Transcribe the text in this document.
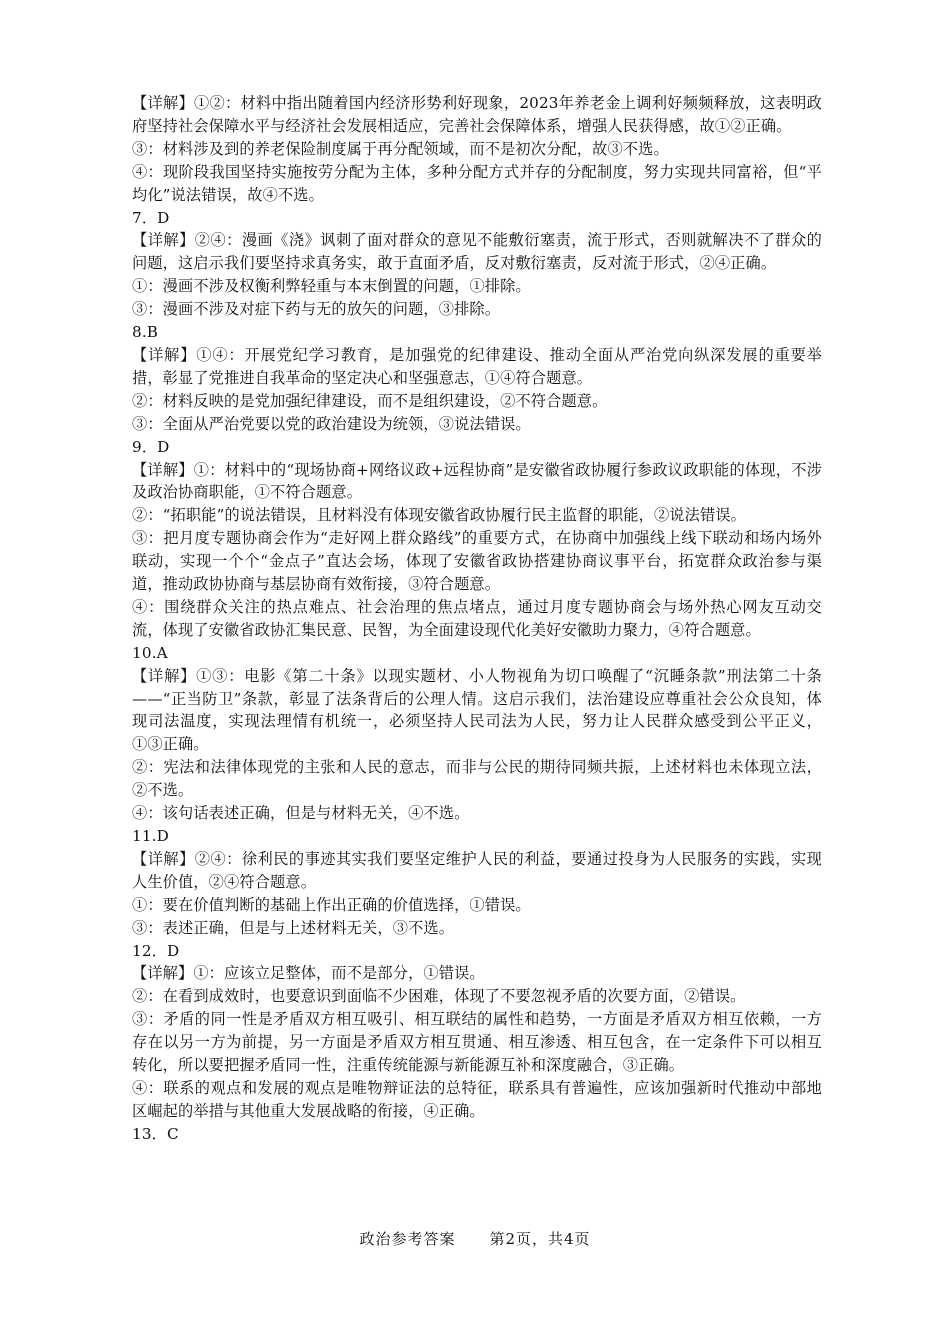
【详解】①②：材料中指出随着国内经济形势利好现象，2023年养老金上调利好频频释放，这表明政府坚持社会保障水平与经济社会发展相适应，完善社会保障体系，增强人民获得感，故①②正确。

③：材料涉及到的养老保险制度属于再分配领域，而不是初次分配，故③不选。

④：现阶段我国坚持实施按劳分配为主体，多种分配方式并存的分配制度，努力实现共同富裕，但“平均化”说法错误，故④不选。

7．D

【详解】②④：漫画《浇》讽刺了面对群众的意见不能敷衍塞责，流于形式，否则就解决不了群众的问题，这启示我们要坚持求真务实，敢于直面矛盾，反对敷衍塞责，反对流于形式，②④正确。

①：漫画不涉及权衡利弊轻重与本末倒置的问题，①排除。

③：漫画不涉及对症下药与无的放矢的问题，③排除。

8.B

【详解】①④：开展党纪学习教育，是加强党的纪律建设、推动全面从严治党向纵深发展的重要举措，彰显了党推进自我革命的坚定决心和坚强意志，①④符合题意。

②：材料反映的是党加强纪律建设，而不是组织建设，②不符合题意。

③：全面从严治党要以党的政治建设为统领，③说法错误。

9．D

【详解】①：材料中的“现场协商+网络议政+远程协商”是安徽省政协履行参政议政职能的体现，不涉及政治协商职能，①不符合题意。

②：“拓职能”的说法错误，且材料没有体现安徽省政协履行民主监督的职能，②说法错误。

③：把月度专题协商会作为“走好网上群众路线”的重要方式，在协商中加强线上线下联动和场内场外联动，实现一个个“金点子”直达会场，体现了安徽省政协搭建协商议事平台，拓宽群众政治参与渠道，推动政协协商与基层协商有效衔接，③符合题意。

④：围绕群众关注的热点难点、社会治理的焦点堵点，通过月度专题协商会与场外热心网友互动交流，体现了安徽省政协汇集民意、民智，为全面建设现代化美好安徽助力聚力，④符合题意。

10.A

【详解】①③：电影《第二十条》以现实题材、小人物视角为切口唤醒了“沉睡条款”刑法第二十条——“正当防卫”条款，彰显了法条背后的公理人情。这启示我们，法治建设应尊重社会公众良知，体现司法温度，实现法理情有机统一，必须坚持人民司法为人民，努力让人民群众感受到公平正义，①③正确。

②：宪法和法律体现党的主张和人民的意志，而非与公民的期待同频共振，上述材料也未体现立法，②不选。

④：该句话表述正确，但是与材料无关，④不选。

11.D

【详解】②④：徐利民的事迹其实我们要坚定维护人民的利益，要通过投身为人民服务的实践，实现人生价值，②④符合题意。

①：要在价值判断的基础上作出正确的价值选择，①错误。

③：表述正确，但是与上述材料无关，③不选。

12．D

【详解】①：应该立足整体，而不是部分，①错误。

②：在看到成效时，也要意识到面临不少困难，体现了不要忽视矛盾的次要方面，②错误。

③：矛盾的同一性是矛盾双方相互吸引、相互联结的属性和趋势，一方面是矛盾双方相互依赖，一方存在以另一方为前提，另一方面是矛盾双方相互贯通、相互渗透、相互包含，在一定条件下可以相互转化，所以要把握矛盾同一性，注重传统能源与新能源互补和深度融合，③正确。

④：联系的观点和发展的观点是唯物辩证法的总特征，联系具有普遍性，应该加强新时代推动中部地区崛起的举措与其他重大发展战略的衔接，④正确。

13．C

政治参考答案 第2页，共4页
